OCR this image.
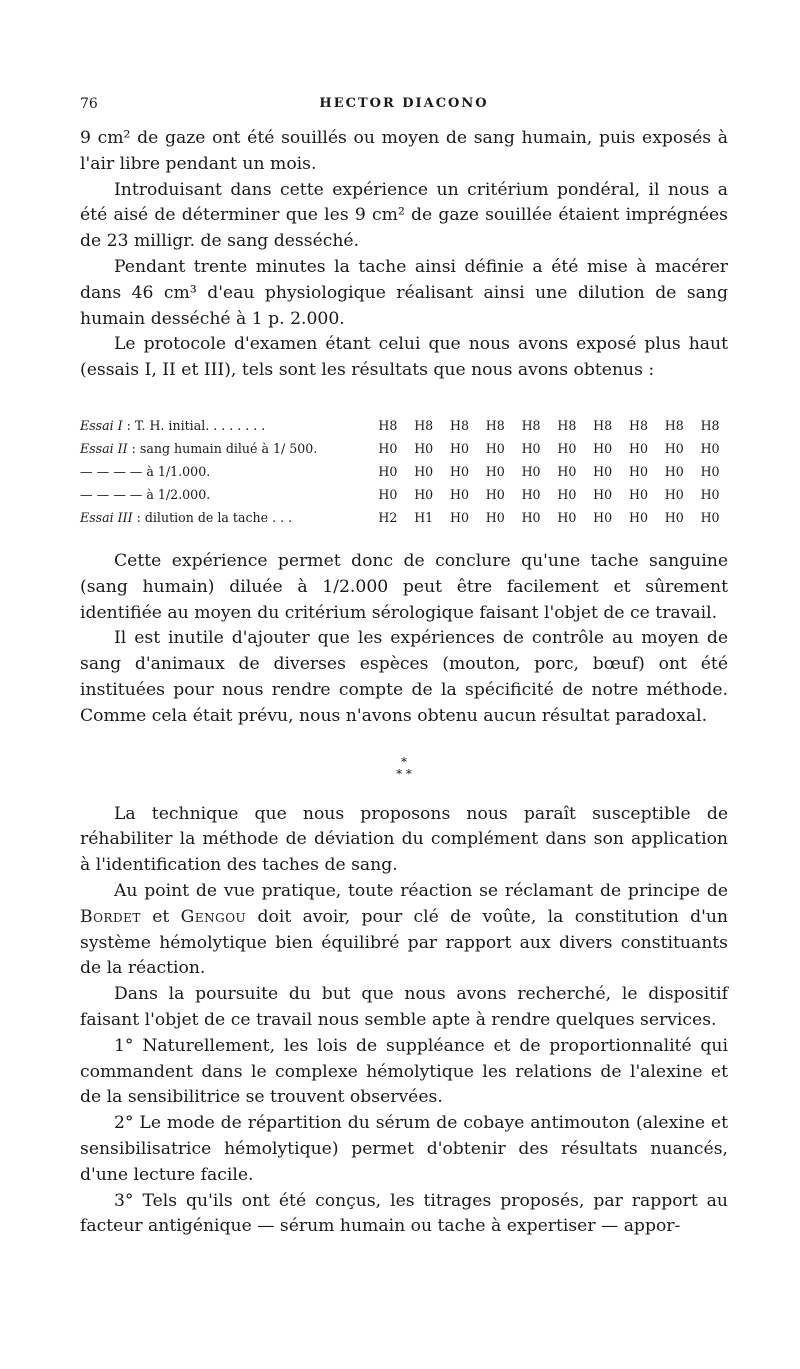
76	HECTOR DIACONO

9 cm² de gaze ont été souillés ou moyen de sang humain, puis exposés à l'air libre pendant un mois.

Introduisant dans cette expérience un critérium pondéral, il nous a été aisé de déterminer que les 9 cm² de gaze souillée étaient imprégnées de 23 milligr. de sang desséché.

Pendant trente minutes la tache ainsi définie a été mise à macérer dans 46 cm³ d'eau physiologique réalisant ainsi une dilution de sang humain desséché à 1 p. 2.000.

Le protocole d'examen étant celui que nous avons exposé plus haut (essais I, II et III), tels sont les résultats que nous avons obtenus :

Essai I : T. H. initial. . . . . . . .	H8	H8	H8	H8	H8	H8	H8	H8	H8	H8
Essai II : sang humain dilué à 1/ 500.	H0	H0	H0	H0	H0	H0	H0	H0	H0	H0
— — — — à 1/1.000.	H0	H0	H0	H0	H0	H0	H0	H0	H0	H0
— — — — à 1/2.000.	H0	H0	H0	H0	H0	H0	H0	H0	H0	H0
Essai III : dilution de la tache . . .	H2	H1	H0	H0	H0	H0	H0	H0	H0	H0

Cette expérience permet donc de conclure qu'une tache sanguine (sang humain) diluée à 1/2.000 peut être facilement et sûrement identifiée au moyen du critérium sérologique faisant l'objet de ce travail.

Il est inutile d'ajouter que les expériences de contrôle au moyen de sang d'animaux de diverses espèces (mouton, porc, bœuf) ont été instituées pour nous rendre compte de la spécificité de notre méthode. Comme cela était prévu, nous n'avons obtenu aucun résultat paradoxal.

*
* *

La technique que nous proposons nous paraît susceptible de réhabiliter la méthode de déviation du complément dans son application à l'identification des taches de sang.

Au point de vue pratique, toute réaction se réclamant de principe de Bordet et Gengou doit avoir, pour clé de voûte, la constitution d'un système hémolytique bien équilibré par rapport aux divers constituants de la réaction.

Dans la poursuite du but que nous avons recherché, le dispositif faisant l'objet de ce travail nous semble apte à rendre quelques services.

1° Naturellement, les lois de suppléance et de proportionnalité qui commandent dans le complexe hémolytique les relations de l'alexine et de la sensibilitrice se trouvent observées.

2° Le mode de répartition du sérum de cobaye antimouton (alexine et sensibilisatrice hémolytique) permet d'obtenir des résultats nuancés, d'une lecture facile.

3° Tels qu'ils ont été conçus, les titrages proposés, par rapport au facteur antigénique — sérum humain ou tache à expertiser — appor-
